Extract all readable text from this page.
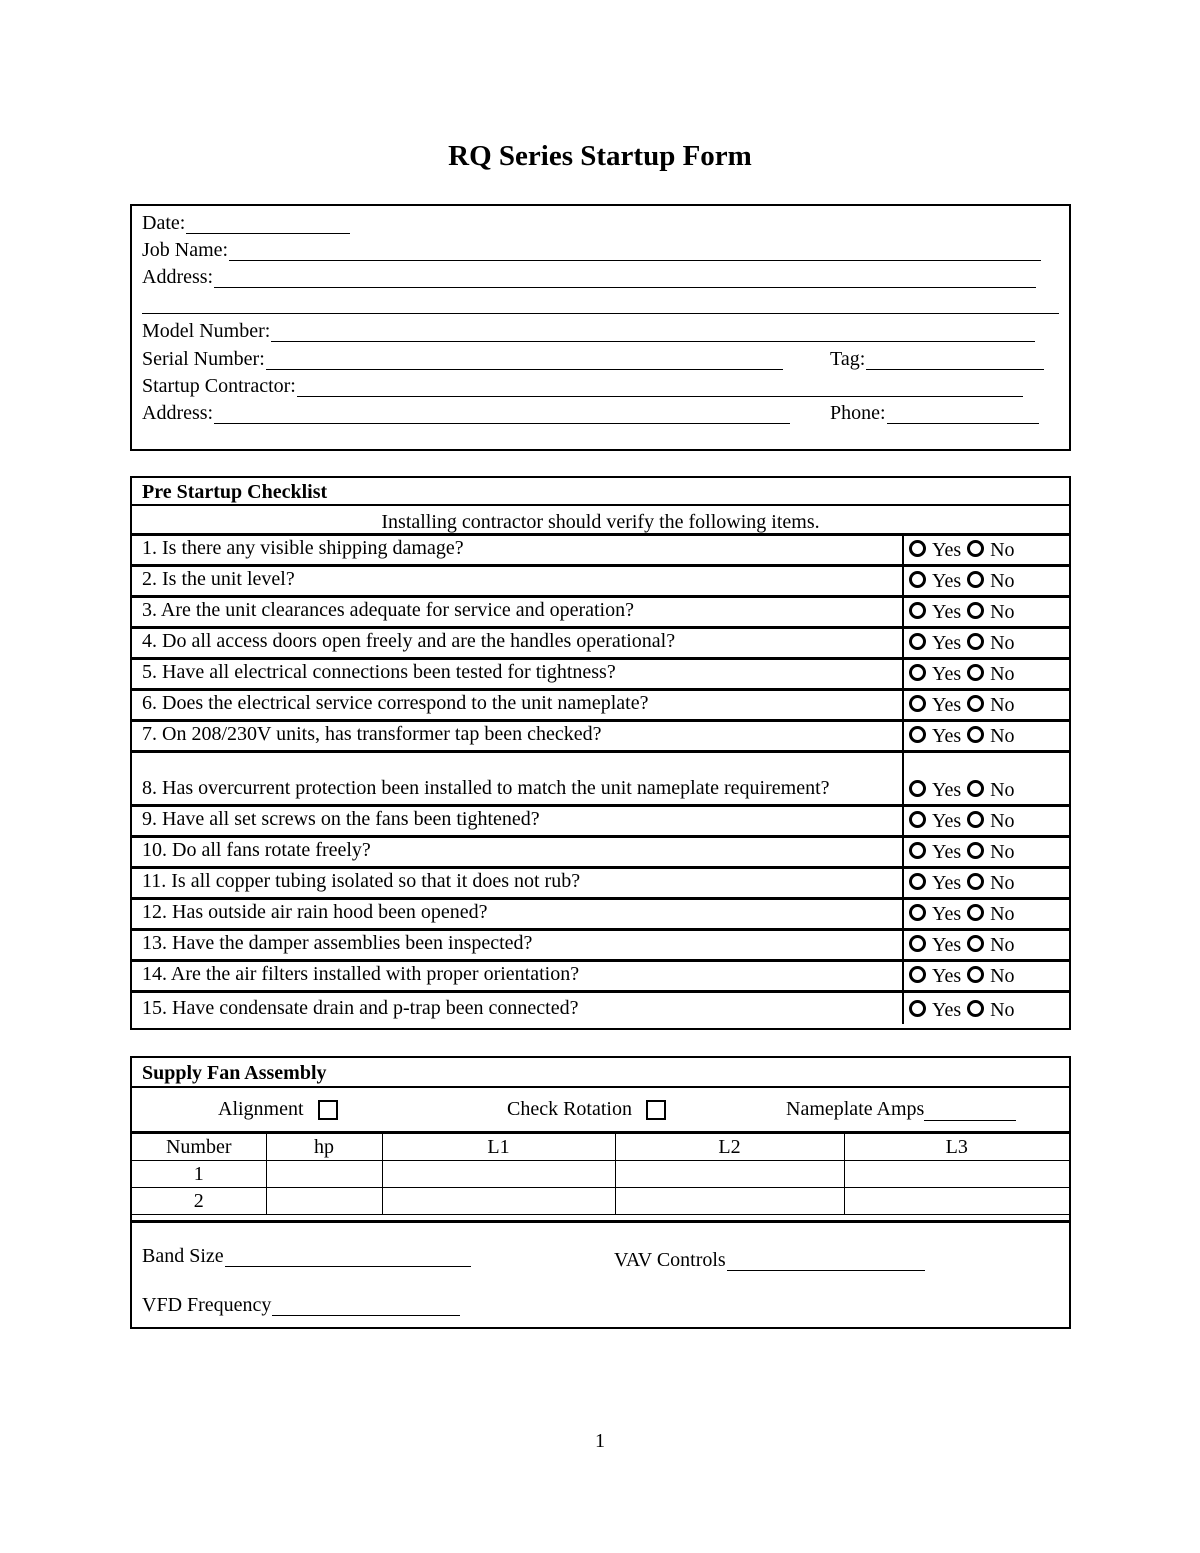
RQ Series Startup Form
Date:
Job Name:
Address:
Model Number:
Serial Number:	Tag:
Startup Contractor:
Address:	Phone:
Pre Startup Checklist
Installing contractor should verify the following items.
1. Is there any visible shipping damage?	Yes No
2. Is the unit level?	Yes No
3. Are the unit clearances adequate for service and operation?	Yes No
4. Do all access doors open freely and are the handles operational?	Yes No
5. Have all electrical connections been tested for tightness?	Yes No
6. Does the electrical service correspond to the unit nameplate?	Yes No
7. On 208/230V units, has transformer tap been checked?	Yes No
8. Has overcurrent protection been installed to match the unit nameplate requirement?	Yes No
9. Have all set screws on the fans been tightened?	Yes No
10. Do all fans rotate freely?	Yes No
11. Is all copper tubing isolated so that it does not rub?	Yes No
12. Has outside air rain hood been opened?	Yes No
13. Have the damper assemblies been inspected?	Yes No
14. Are the air filters installed with proper orientation?	Yes No
15. Have condensate drain and p-trap been connected?	Yes No
Supply Fan Assembly
Alignment	Check Rotation	Nameplate Amps
Number	hp	L1	L2	L3
1				
2				
Band Size	VAV Controls
VFD Frequency
1
